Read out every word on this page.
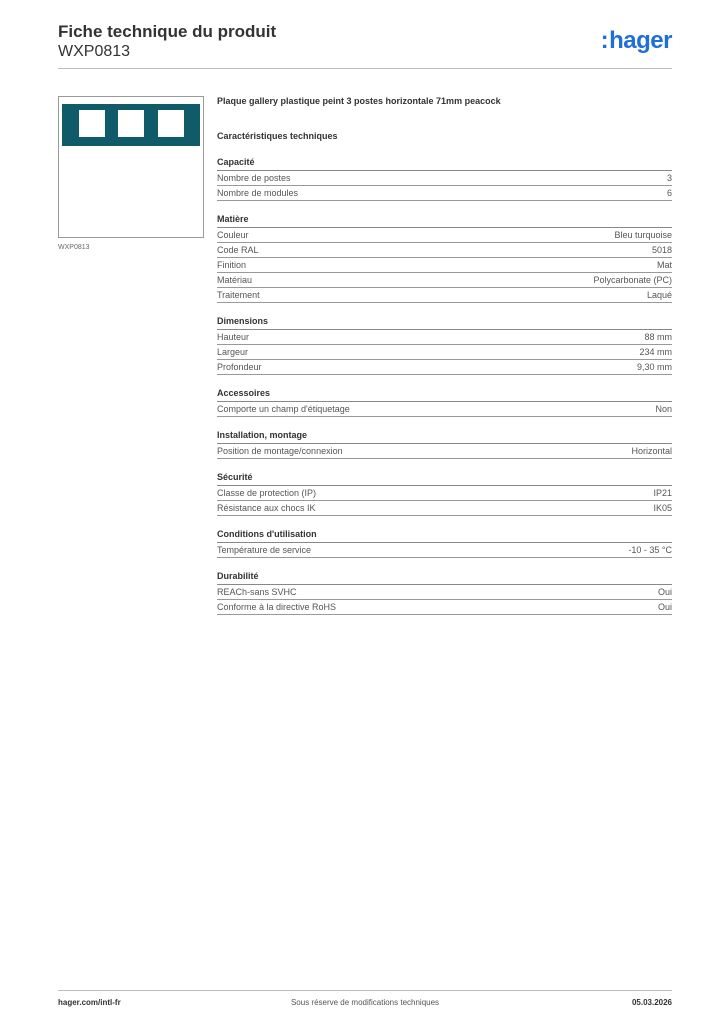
Fiche technique du produit
WXP0813	:hager
WXP0813
Plaque gallery plastique peint 3 postes horizontale 71mm peacock
Caractéristiques techniques
Capacité
Nombre de postes	3
Nombre de modules	6
Matière
Couleur	Bleu turquoise
Code RAL	5018
Finition	Mat
Matériau	Polycarbonate (PC)
Traitement	Laqué
Dimensions
Hauteur	88 mm
Largeur	234 mm
Profondeur	9,30 mm
Accessoires
Comporte un champ d'étiquetage	Non
Installation, montage
Position de montage/connexion	Horizontal
Sécurité
Classe de protection (IP)	IP21
Résistance aux chocs IK	IK05
Conditions d'utilisation
Température de service	-10 - 35 °C
Durabilité
REACh-sans SVHC	Oui
Conforme à la directive RoHS	Oui
hager.com/intl-fr	Sous réserve de modifications techniques	05.03.2026
